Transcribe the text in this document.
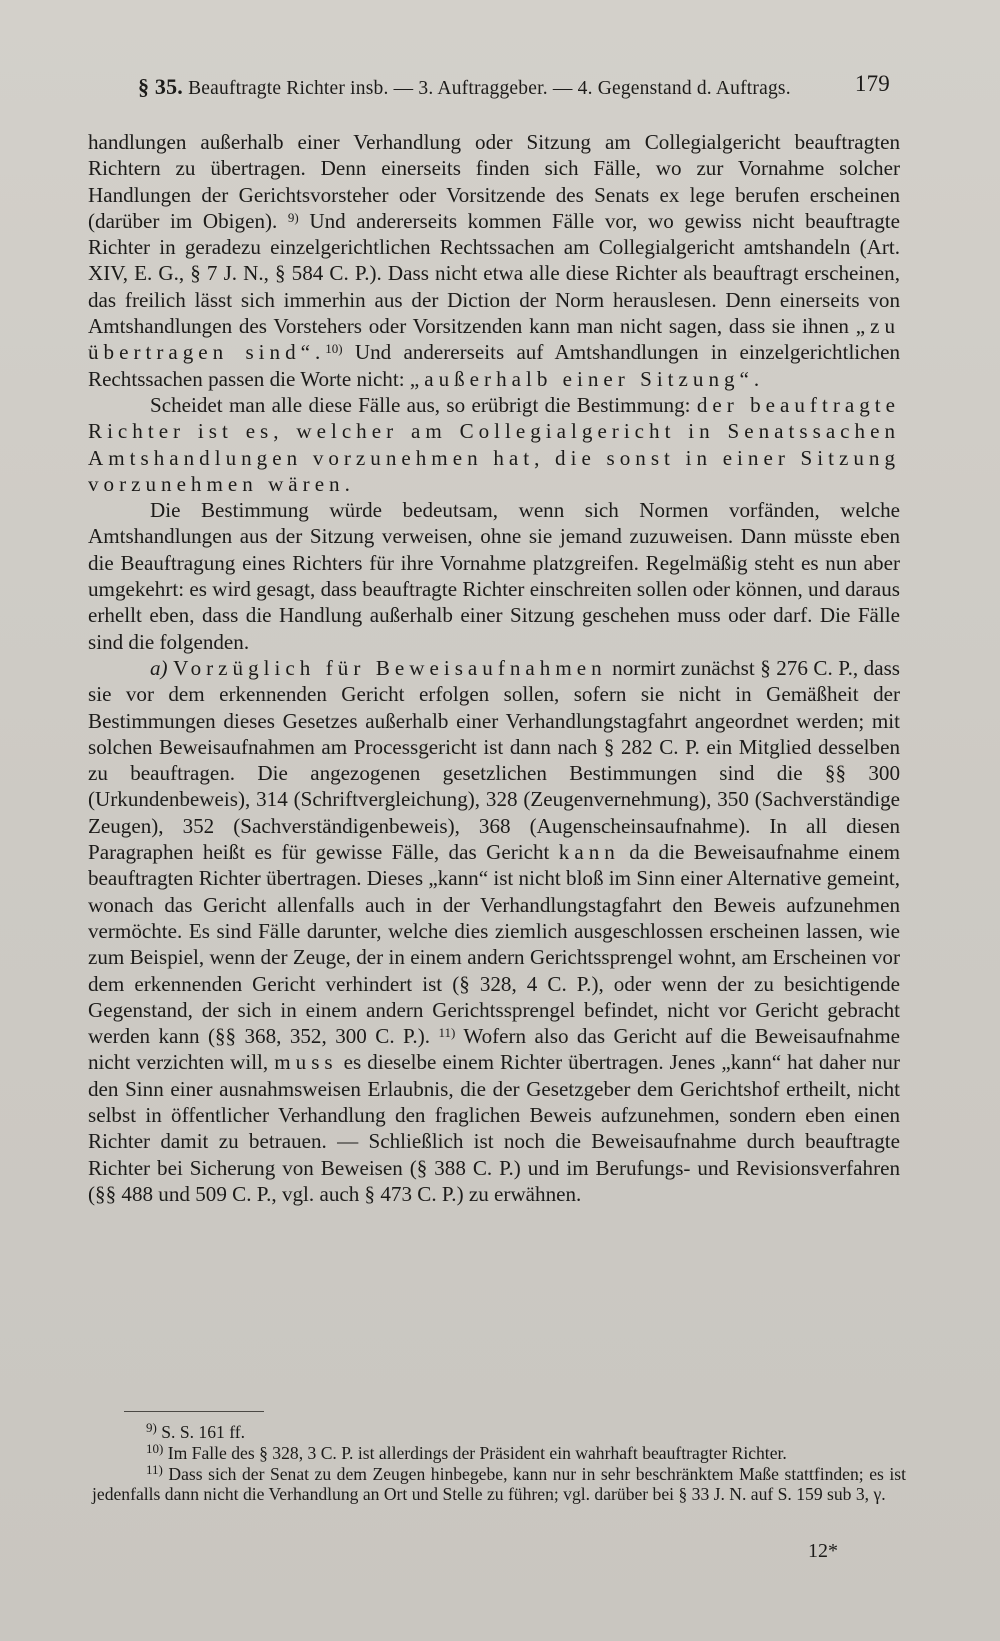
§ 35. Beauftragte Richter insb. — 3. Auftraggeber. — 4. Gegenstand d. Auftrags.	179

handlungen außerhalb einer Verhandlung oder Sitzung am Collegialgericht beauftragten Richtern zu übertragen. Denn einerseits finden sich Fälle, wo zur Vornahme solcher Handlungen der Gerichtsvorsteher oder Vorsitzende des Senats ex lege berufen erscheinen (darüber im Obigen). $^{9)}$ Und andererseits kommen Fälle vor, wo gewiss nicht beauftragte Richter in geradezu einzelgerichtlichen Rechtssachen am Collegialgericht amtshandeln (Art. XIV, E. G., § 7 J. N., § 584 C. P.). Dass nicht etwa alle diese Richter als beauftragt erscheinen, das freilich lässt sich immerhin aus der Diction der Norm herauslesen. Denn einerseits von Amtshandlungen des Vorstehers oder Vorsitzenden kann man nicht sagen, dass sie ihnen „zu übertragen sind“.$^{10)}$ Und andererseits auf Amtshandlungen in einzelgerichtlichen Rechtssachen passen die Worte nicht: „außerhalb einer Sitzung“.

Scheidet man alle diese Fälle aus, so erübrigt die Bestimmung: der beauftragte Richter ist es, welcher am Collegialgericht in Senatssachen Amtshandlungen vorzunehmen hat, die sonst in einer Sitzung vorzunehmen wären.

Die Bestimmung würde bedeutsam, wenn sich Normen vorfänden, welche Amtshandlungen aus der Sitzung verweisen, ohne sie jemand zuzuweisen. Dann müsste eben die Beauftragung eines Richters für ihre Vornahme platzgreifen. Regelmäßig steht es nun aber umgekehrt: es wird gesagt, dass beauftragte Richter einschreiten sollen oder können, und daraus erhellt eben, dass die Handlung außerhalb einer Sitzung geschehen muss oder darf. Die Fälle sind die folgenden.

a) Vorzüglich für Beweisaufnahmen normirt zunächst § 276 C. P., dass sie vor dem erkennenden Gericht erfolgen sollen, sofern sie nicht in Gemäßheit der Bestimmungen dieses Gesetzes außerhalb einer Verhandlungstagfahrt angeordnet werden; mit solchen Beweisaufnahmen am Processgericht ist dann nach § 282 C. P. ein Mitglied desselben zu beauftragen. Die angezogenen gesetzlichen Bestimmungen sind die §§ 300 (Urkundenbeweis), 314 (Schriftvergleichung), 328 (Zeugenvernehmung), 350 (Sachverständige Zeugen), 352 (Sachverständigenbeweis), 368 (Augenscheinsaufnahme). In all diesen Paragraphen heißt es für gewisse Fälle, das Gericht kann da die Beweisaufnahme einem beauftragten Richter übertragen. Dieses „kann“ ist nicht bloß im Sinn einer Alternative gemeint, wonach das Gericht allenfalls auch in der Verhandlungstagfahrt den Beweis aufzunehmen vermöchte. Es sind Fälle darunter, welche dies ziemlich ausgeschlossen erscheinen lassen, wie zum Beispiel, wenn der Zeuge, der in einem andern Gerichtssprengel wohnt, am Erscheinen vor dem erkennenden Gericht verhindert ist (§ 328, 4 C. P.), oder wenn der zu besichtigende Gegenstand, der sich in einem andern Gerichtssprengel befindet, nicht vor Gericht gebracht werden kann (§§ 368, 352, 300 C. P.). $^{11)}$ Wofern also das Gericht auf die Beweisaufnahme nicht verzichten will, muss es dieselbe einem Richter übertragen. Jenes „kann“ hat daher nur den Sinn einer ausnahmsweisen Erlaubnis, die der Gesetzgeber dem Gerichtshof ertheilt, nicht selbst in öffentlicher Verhandlung den fraglichen Beweis aufzunehmen, sondern eben einen Richter damit zu betrauen. — Schließlich ist noch die Beweisaufnahme durch beauftragte Richter bei Sicherung von Beweisen (§ 388 C. P.) und im Berufungs- und Revisionsverfahren (§§ 488 und 509 C. P., vgl. auch § 473 C. P.) zu erwähnen.

$^{9)}$ S. S. 161 ff.

$^{10)}$ Im Falle des § 328, 3 C. P. ist allerdings der Präsident ein wahrhaft beauftragter Richter.

$^{11)}$ Dass sich der Senat zu dem Zeugen hinbegebe, kann nur in sehr beschränktem Maße stattfinden; es ist jedenfalls dann nicht die Verhandlung an Ort und Stelle zu führen; vgl. darüber bei § 33 J. N. auf S. 159 sub 3, γ.

12*
